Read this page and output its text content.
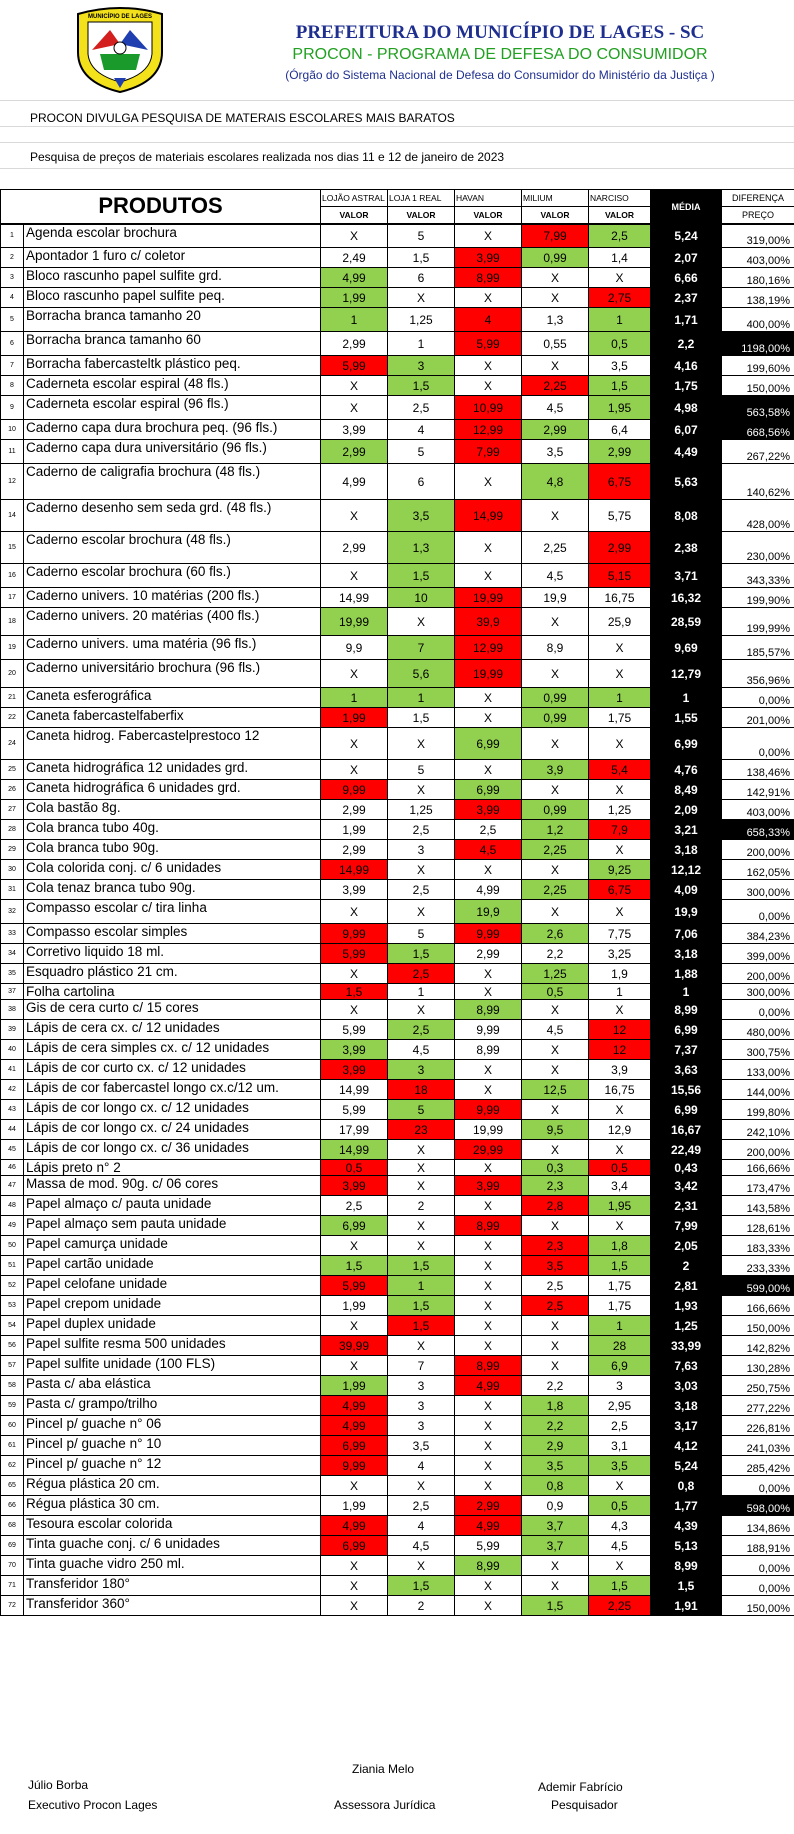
MUNICÍPIO DE LAGES
PREFEITURA DO MUNICÍPIO DE LAGES - SC
PROCON - PROGRAMA DE DEFESA DO CONSUMIDOR
(Órgão do Sistema Nacional de Defesa do Consumidor do Ministério da Justiça )
PROCON DIVULGA PESQUISA DE MATERAIS ESCOLARES MAIS BARATOS
Pesquisa de preços de materiais escolares realizada nos dias 11 e 12 de janeiro de 2023
PRODUTOS		LOJÃO ASTRAL	LOJA 1 REAL	HAVAN	MILIUM	NARCISO	MÉDIA	DIFERENÇA
		VALOR	VALOR	VALOR	VALOR	VALOR		PREÇO
1	Agenda escolar brochura	X	5	X	7,99	2,5	5,24	319,00%
2	Apontador 1 furo c/ coletor	2,49	1,5	3,99	0,99	1,4	2,07	403,00%
3	Bloco rascunho papel sulfite grd.	4,99	6	8,99	X	X	6,66	180,16%
4	Bloco rascunho papel sulfite peq.	1,99	X	X	X	2,75	2,37	138,19%
5	Borracha branca tamanho 20	1	1,25	4	1,3	1	1,71	400,00%
6	Borracha branca tamanho 60	2,99	1	5,99	0,55	0,5	2,2	1198,00%
7	Borracha fabercasteltk plástico peq.	5,99	3	X	X	3,5	4,16	199,60%
8	Caderneta escolar espiral (48 fls.)	X	1,5	X	2,25	1,5	1,75	150,00%
9	Caderneta escolar espiral (96 fls.)	X	2,5	10,99	4,5	1,95	4,98	563,58%
10	Caderno capa dura brochura peq. (96 fls.)	3,99	4	12,99	2,99	6,4	6,07	668,56%
11	Caderno capa dura universitário (96 fls.)	2,99	5	7,99	3,5	2,99	4,49	267,22%
12	Caderno de caligrafia brochura (48 fls.)	4,99	6	X	4,8	6,75	5,63	140,62%
14	Caderno desenho sem seda grd. (48 fls.)	X	3,5	14,99	X	5,75	8,08	428,00%
15	Caderno escolar brochura (48 fls.)	2,99	1,3	X	2,25	2,99	2,38	230,00%
16	Caderno escolar brochura (60 fls.)	X	1,5	X	4,5	5,15	3,71	343,33%
17	Caderno univers. 10 matérias (200 fls.)	14,99	10	19,99	19,9	16,75	16,32	199,90%
18	Caderno univers. 20 matérias (400 fls.)	19,99	X	39,9	X	25,9	28,59	199,99%
19	Caderno univers. uma matéria (96 fls.)	9,9	7	12,99	8,9	X	9,69	185,57%
20	Caderno universitário brochura (96 fls.)	X	5,6	19,99	X	X	12,79	356,96%
21	Caneta esferográfica	1	1	X	0,99	1	1	0,00%
22	Caneta fabercastelfaberfix	1,99	1,5	X	0,99	1,75	1,55	201,00%
24	Caneta hidrog. Fabercastelprestoco 12	X	X	6,99	X	X	6,99	0,00%
25	Caneta hidrográfica 12 unidades grd.	X	5	X	3,9	5,4	4,76	138,46%
26	Caneta hidrográfica 6 unidades grd.	9,99	X	6,99	X	X	8,49	142,91%
27	Cola bastão 8g.	2,99	1,25	3,99	0,99	1,25	2,09	403,00%
28	Cola branca tubo 40g.	1,99	2,5	2,5	1,2	7,9	3,21	658,33%
29	Cola branca tubo 90g.	2,99	3	4,5	2,25	X	3,18	200,00%
30	Cola colorida conj. c/ 6 unidades	14,99	X	X	X	9,25	12,12	162,05%
31	Cola tenaz branca tubo 90g.	3,99	2,5	4,99	2,25	6,75	4,09	300,00%
32	Compasso escolar c/ tira linha	X	X	19,9	X	X	19,9	0,00%
33	Compasso escolar simples	9,99	5	9,99	2,6	7,75	7,06	384,23%
34	Corretivo liquido 18 ml.	5,99	1,5	2,99	2,2	3,25	3,18	399,00%
35	Esquadro plástico 21 cm.	X	2,5	X	1,25	1,9	1,88	200,00%
37	Folha cartolina	1,5	1	X	0,5	1	1	300,00%
38	Gis de cera curto c/ 15 cores	X	X	8,99	X	X	8,99	0,00%
39	Lápis de cera cx. c/ 12 unidades	5,99	2,5	9,99	4,5	12	6,99	480,00%
40	Lápis de cera simples cx. c/ 12 unidades	3,99	4,5	8,99	X	12	7,37	300,75%
41	Lápis de cor curto cx. c/ 12 unidades	3,99	3	X	X	3,9	3,63	133,00%
42	Lápis de cor fabercastel longo cx.c/12 um.	14,99	18	X	12,5	16,75	15,56	144,00%
43	Lápis de cor longo cx. c/ 12 unidades	5,99	5	9,99	X	X	6,99	199,80%
44	Lápis de cor longo cx. c/ 24 unidades	17,99	23	19,99	9,5	12,9	16,67	242,10%
45	Lápis de cor longo cx. c/ 36 unidades	14,99	X	29,99	X	X	22,49	200,00%
46	Lápis preto n° 2	0,5	X	X	0,3	0,5	0,43	166,66%
47	Massa de mod. 90g. c/ 06 cores	3,99	X	3,99	2,3	3,4	3,42	173,47%
48	Papel almaço c/ pauta unidade	2,5	2	X	2,8	1,95	2,31	143,58%
49	Papel almaço sem pauta unidade	6,99	X	8,99	X	X	7,99	128,61%
50	Papel camurça unidade	X	X	X	2,3	1,8	2,05	183,33%
51	Papel cartão unidade	1,5	1,5	X	3,5	1,5	2	233,33%
52	Papel celofane unidade	5,99	1	X	2,5	1,75	2,81	599,00%
53	Papel crepom unidade	1,99	1,5	X	2,5	1,75	1,93	166,66%
54	Papel duplex unidade	X	1,5	X	X	1	1,25	150,00%
56	Papel sulfite resma 500 unidades	39,99	X	X	X	28	33,99	142,82%
57	Papel sulfite unidade (100 FLS)	X	7	8,99	X	6,9	7,63	130,28%
58	Pasta c/ aba elástica	1,99	3	4,99	2,2	3	3,03	250,75%
59	Pasta c/ grampo/trilho	4,99	3	X	1,8	2,95	3,18	277,22%
60	Pincel p/ guache n° 06	4,99	3	X	2,2	2,5	3,17	226,81%
61	Pincel p/ guache n° 10	6,99	3,5	X	2,9	3,1	4,12	241,03%
62	Pincel p/ guache n° 12	9,99	4	X	3,5	3,5	5,24	285,42%
65	Régua plástica 20 cm.	X	X	X	0,8	X	0,8	0,00%
66	Régua plástica 30 cm.	1,99	2,5	2,99	0,9	0,5	1,77	598,00%
68	Tesoura escolar colorida	4,99	4	4,99	3,7	4,3	4,39	134,86%
69	Tinta guache conj. c/ 6 unidades	6,99	4,5	5,99	3,7	4,5	5,13	188,91%
70	Tinta guache vidro 250 ml.	X	X	8,99	X	X	8,99	0,00%
71	Transferidor 180°	X	1,5	X	X	1,5	1,5	0,00%
72	Transferidor 360°	X	2	X	1,5	2,25	1,91	150,00%
Júlio Borba
Executivo Procon Lages
Ziania Melo
Assessora Jurídica
Ademir Fabrício
Pesquisador
